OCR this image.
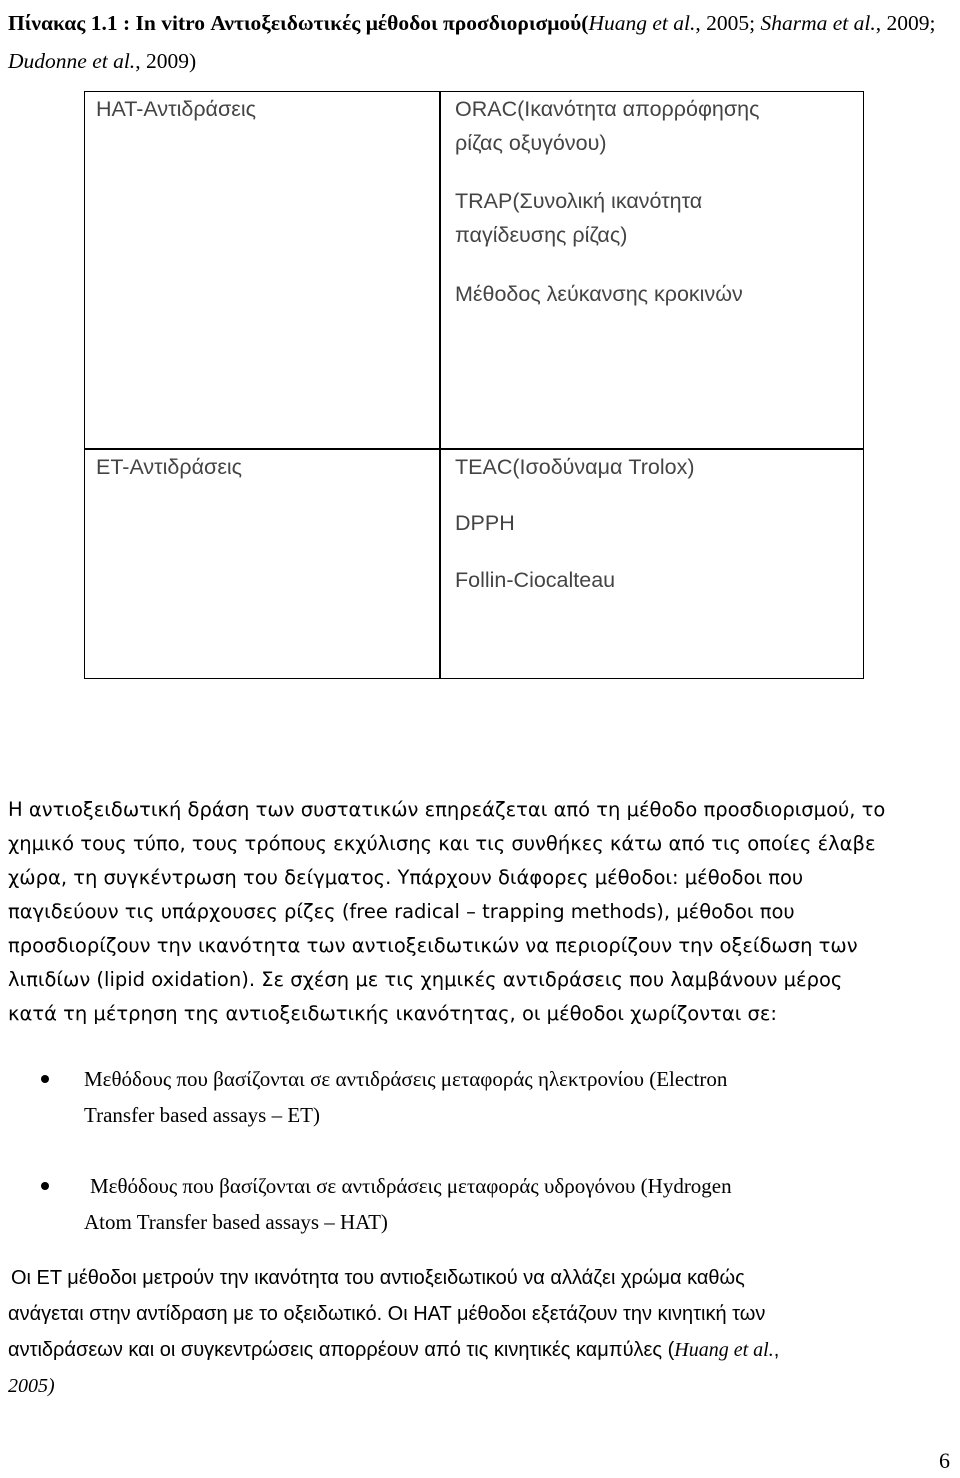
Πίνακας 1.1 : In vitro Αντιοξειδωτικές μέθοδοι προσδιορισμού(Huang et al., 2005; Sharma et al., 2009; Dudonne et al., 2009)
HAT-Αντιδράσεις	ORAC(Ικανότητα απορρόφησης
ρίζας οξυγόνου)
TRAP(Συνολική ικανότητα
παγίδευσης ρίζας)
Μέθοδος λεύκανσης κροκινών
ET-Αντιδράσεις	TEAC(Ισοδύναμα Trolox)
DPPH
Follin-Ciocalteau
Η αντιοξειδωτική δράση των συστατικών επηρεάζεται από τη μέθοδο προσδιορισμού, το
χημικό τους τύπο, τους τρόπους εκχύλισης και τις συνθήκες κάτω από τις οποίες έλαβε
χώρα, τη συγκέντρωση του δείγματος. Υπάρχουν διάφορες μέθοδοι: μέθοδοι που
παγιδεύουν τις υπάρχουσες ρίζες (free radical – trapping methods), μέθοδοι που
προσδιορίζουν την ικανότητα των αντιοξειδωτικών να περιορίζουν την οξείδωση των
λιπιδίων (lipid oxidation). Σε σχέση με τις χημικές αντιδράσεις που λαμβάνουν μέρος
κατά τη μέτρηση της αντιοξειδωτικής ικανότητας, οι μέθοδοι χωρίζονται σε:
Μεθόδους που βασίζονται σε αντιδράσεις μεταφοράς ηλεκτρονίου (Electron
Transfer based assays – ET)
Μεθόδους που βασίζονται σε αντιδράσεις μεταφοράς υδρογόνου (Hydrogen
Atom Transfer based assays – HAT)
Οι ET μέθοδοι μετρούν την ικανότητα του αντιοξειδωτικού να αλλάζει χρώμα καθώς
ανάγεται στην αντίδραση με το οξειδωτικό. Οι HAT μέθοδοι εξετάζουν την κινητική των
αντιδράσεων και οι συγκεντρώσεις απορρέουν από τις κινητικές καμπύλες (Huang et al.,
2005)
6
